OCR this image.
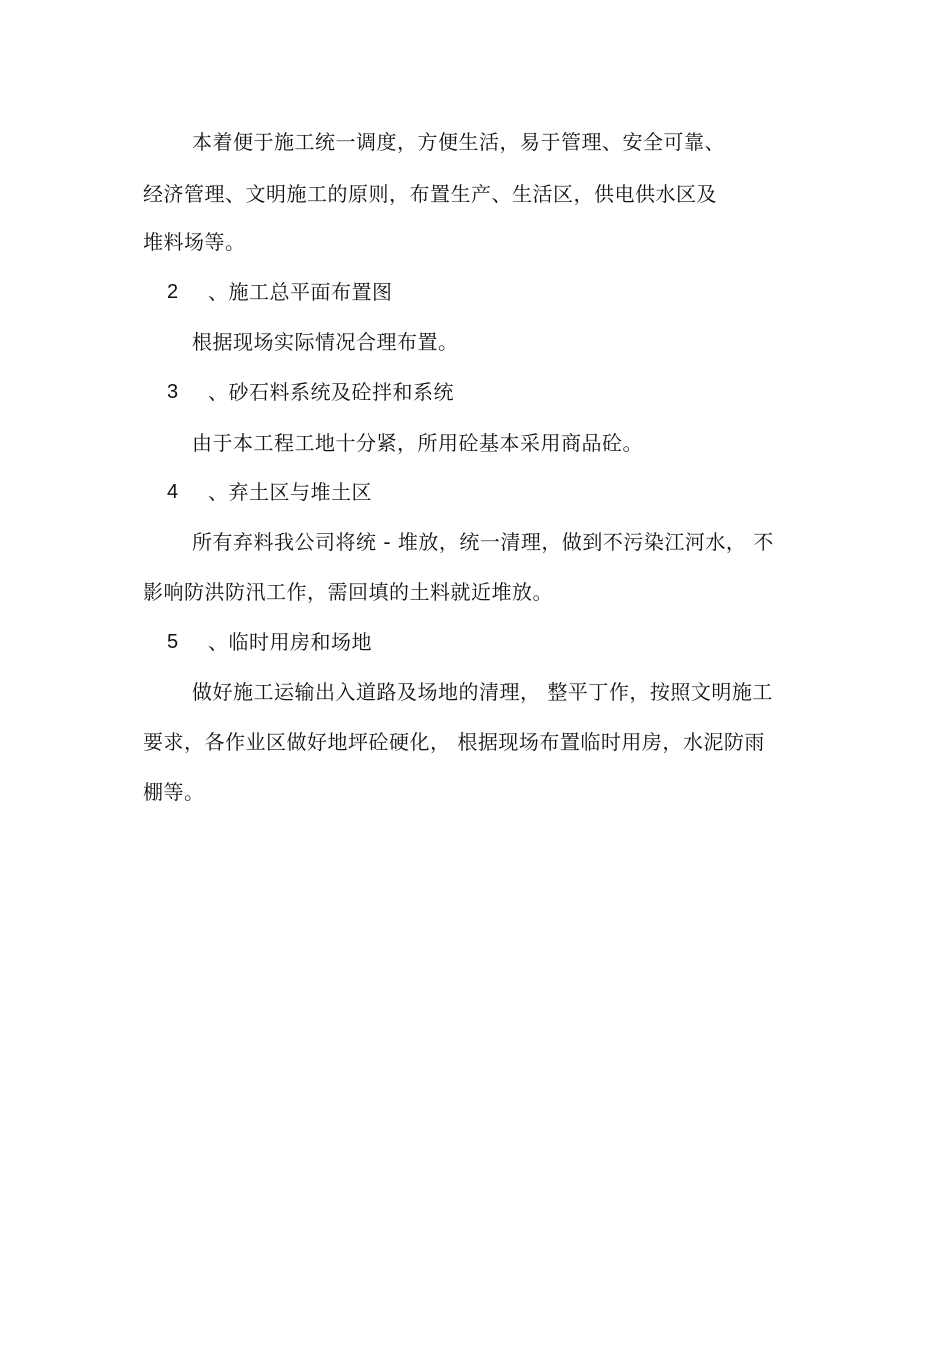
本着便于施工统一调度，方便生活，易于管理、安全可靠、
经济管理、文明施工的原则，布置生产、生活区，供电供水区及
堆料场等。
2 、施工总平面布置图
根据现场实际情况合理布置。
3 、砂石料系统及砼拌和系统
由于本工程工地十分紧，所用砼基本采用商品砼。
4 、弃土区与堆土区
所有弃料我公司将统 - 堆放，统一清理，做到不污染江河水， 不
影响防洪防汛工作，需回填的土料就近堆放。
5 、临时用房和场地
做好施工运输出入道路及场地的清理， 整平丁作，按照文明施工
要求，各作业区做好地坪砼硬化， 根据现场布置临时用房，水泥防雨
棚等。
